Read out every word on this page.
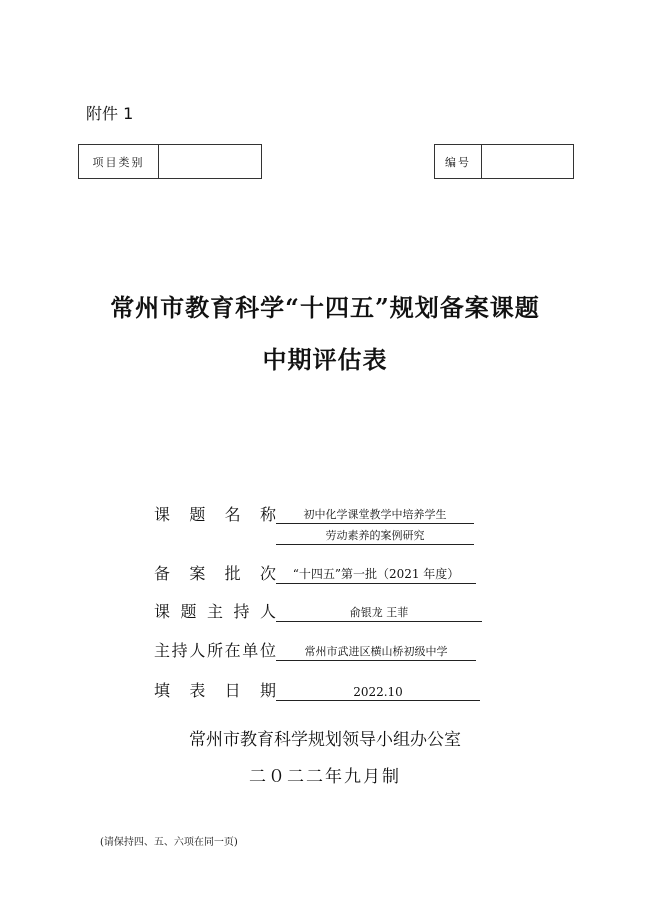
附件 1
项目类别	编号
常州市教育科学“十四五”规划备案课题
中期评估表
课 题 名 称	初中化学课堂教学中培养学生
劳动素养的案例研究
备 案 批 次	“十四五”第一批（2021 年度）
课 题 主 持 人	俞银龙 王菲
主 持 人 所 在 单 位	常州市武进区横山桥初级中学
填 表 日 期	2022.10
常州市教育科学规划领导小组办公室
二０二二年九月制
(请保持四、五、六项在同一页)
